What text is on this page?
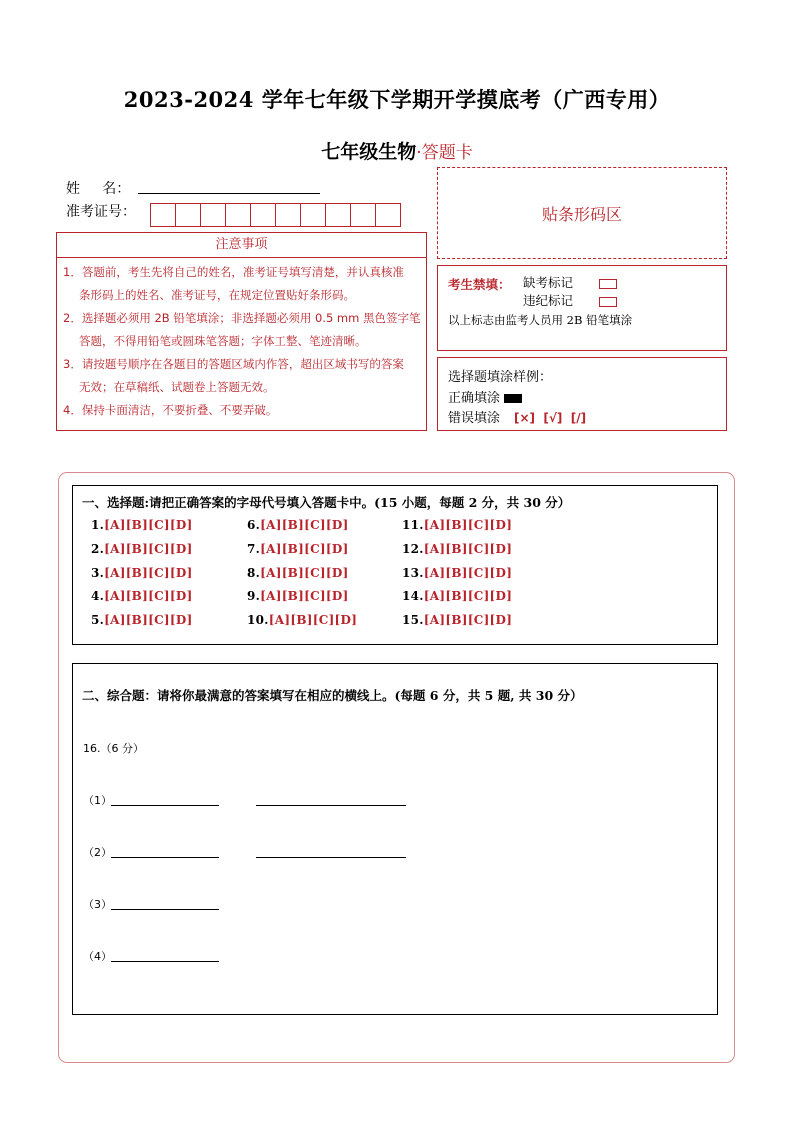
2023-2024 学年七年级下学期开学摸底考（广西专用）
七年级生物·答题卡
姓     名：
准考证号：	贴条形码区
注意事项
1．答题前，考生先将自己的姓名，准考证号填写清楚，并认真核准
条形码上的姓名、准考证号，在规定位置贴好条形码。
2．选择题必须用 2B 铅笔填涂；非选择题必须用 0.5 mm 黑色签字笔
答题，不得用铅笔或圆珠笔答题；字体工整、笔迹清晰。
3．请按题号顺序在各题目的答题区域内作答，超出区域书写的答案
无效；在草稿纸、试题卷上答题无效。
4．保持卡面清洁，不要折叠、不要弄破。
考生禁填： 缺考标记
违纪标记
以上标志由监考人员用 2B 铅笔填涂
选择题填涂样例：
正确填涂
错误填涂 [×]  [√]  [/]
一、选择题:请把正确答案的字母代号填入答题卡中。(15 小题，每题 2 分，共 30 分）
1.[A][B][C][D]
2.[A][B][C][D]
3.[A][B][C][D]
4.[A][B][C][D]
5.[A][B][C][D]
6.[A][B][C][D]
7.[A][B][C][D]
8.[A][B][C][D]
9.[A][B][C][D]
10.[A][B][C][D]
11.[A][B][C][D]
12.[A][B][C][D]
13.[A][B][C][D]
14.[A][B][C][D]
15.[A][B][C][D]
二、综合题：请将你最满意的答案填写在相应的横线上。(每题 6 分，共 5 题, 共 30 分）
16.（6 分）
（1）
（2）
（3）
（4）
